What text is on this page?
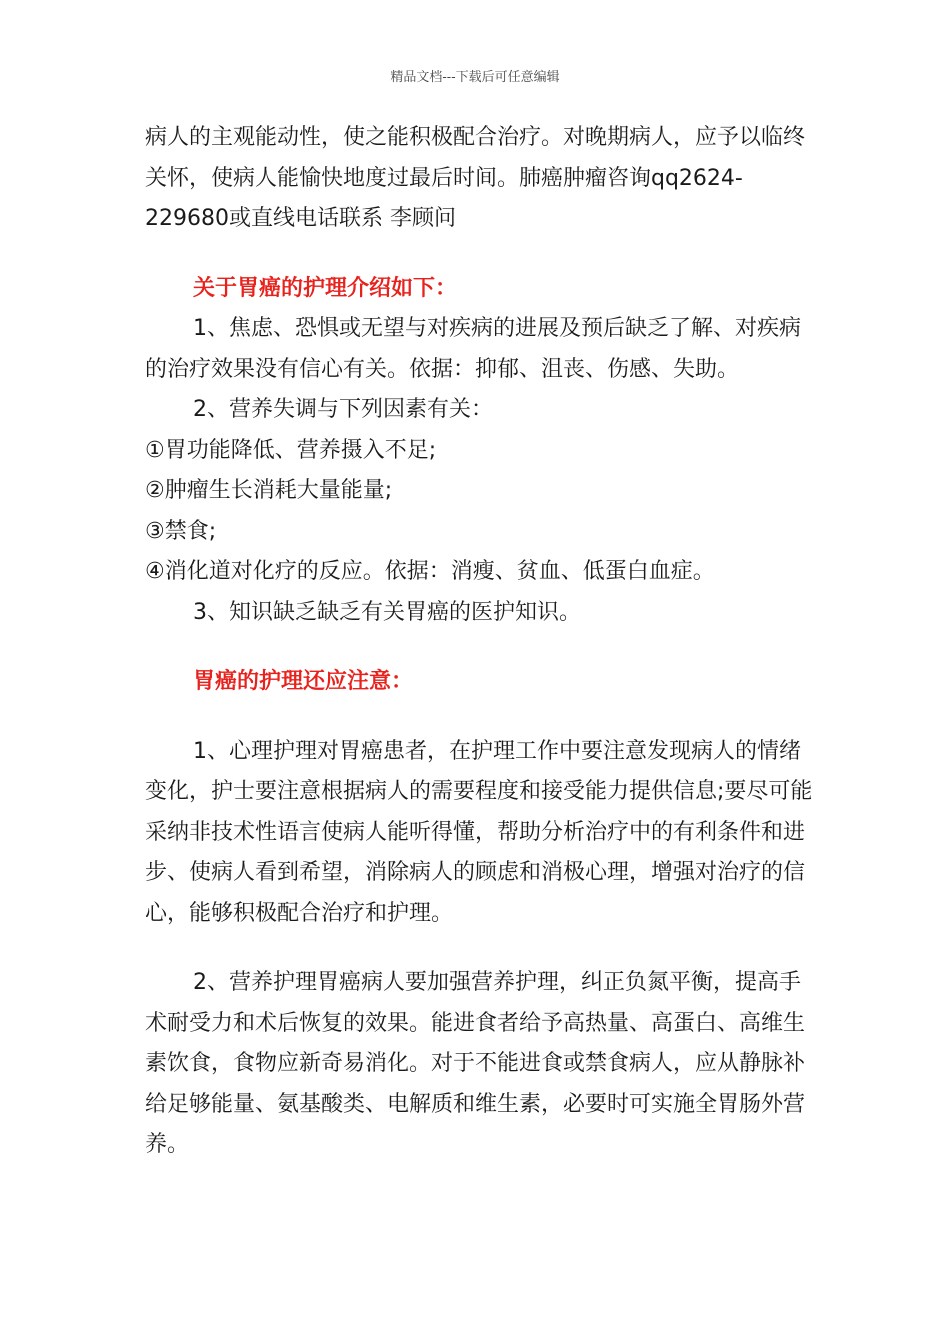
精品文档---下载后可任意编辑

病人的主观能动性，使之能积极配合治疗。对晚期病人，应予以临终关怀，使病人能愉快地度过最后时间。肺癌肿瘤咨询qq2624-229680或直线电话联系 李顾问

关于胃癌的护理介绍如下：

1、焦虑、恐惧或无望与对疾病的进展及预后缺乏了解、对疾病的治疗效果没有信心有关。依据：抑郁、沮丧、伤感、失助。

2、营养失调与下列因素有关：

①胃功能降低、营养摄入不足;

②肿瘤生长消耗大量能量;

③禁食;

④消化道对化疗的反应。依据：消瘦、贫血、低蛋白血症。

3、知识缺乏缺乏有关胃癌的医护知识。

胃癌的护理还应注意：

1、心理护理对胃癌患者，在护理工作中要注意发现病人的情绪变化，护士要注意根据病人的需要程度和接受能力提供信息;要尽可能采纳非技术性语言使病人能听得懂，帮助分析治疗中的有利条件和进步、使病人看到希望，消除病人的顾虑和消极心理，增强对治疗的信心，能够积极配合治疗和护理。

2、营养护理胃癌病人要加强营养护理，纠正负氮平衡，提高手术耐受力和术后恢复的效果。能进食者给予高热量、高蛋白、高维生素饮食，食物应新奇易消化。对于不能进食或禁食病人，应从静脉补给足够能量、氨基酸类、电解质和维生素，必要时可实施全胃肠外营养。
